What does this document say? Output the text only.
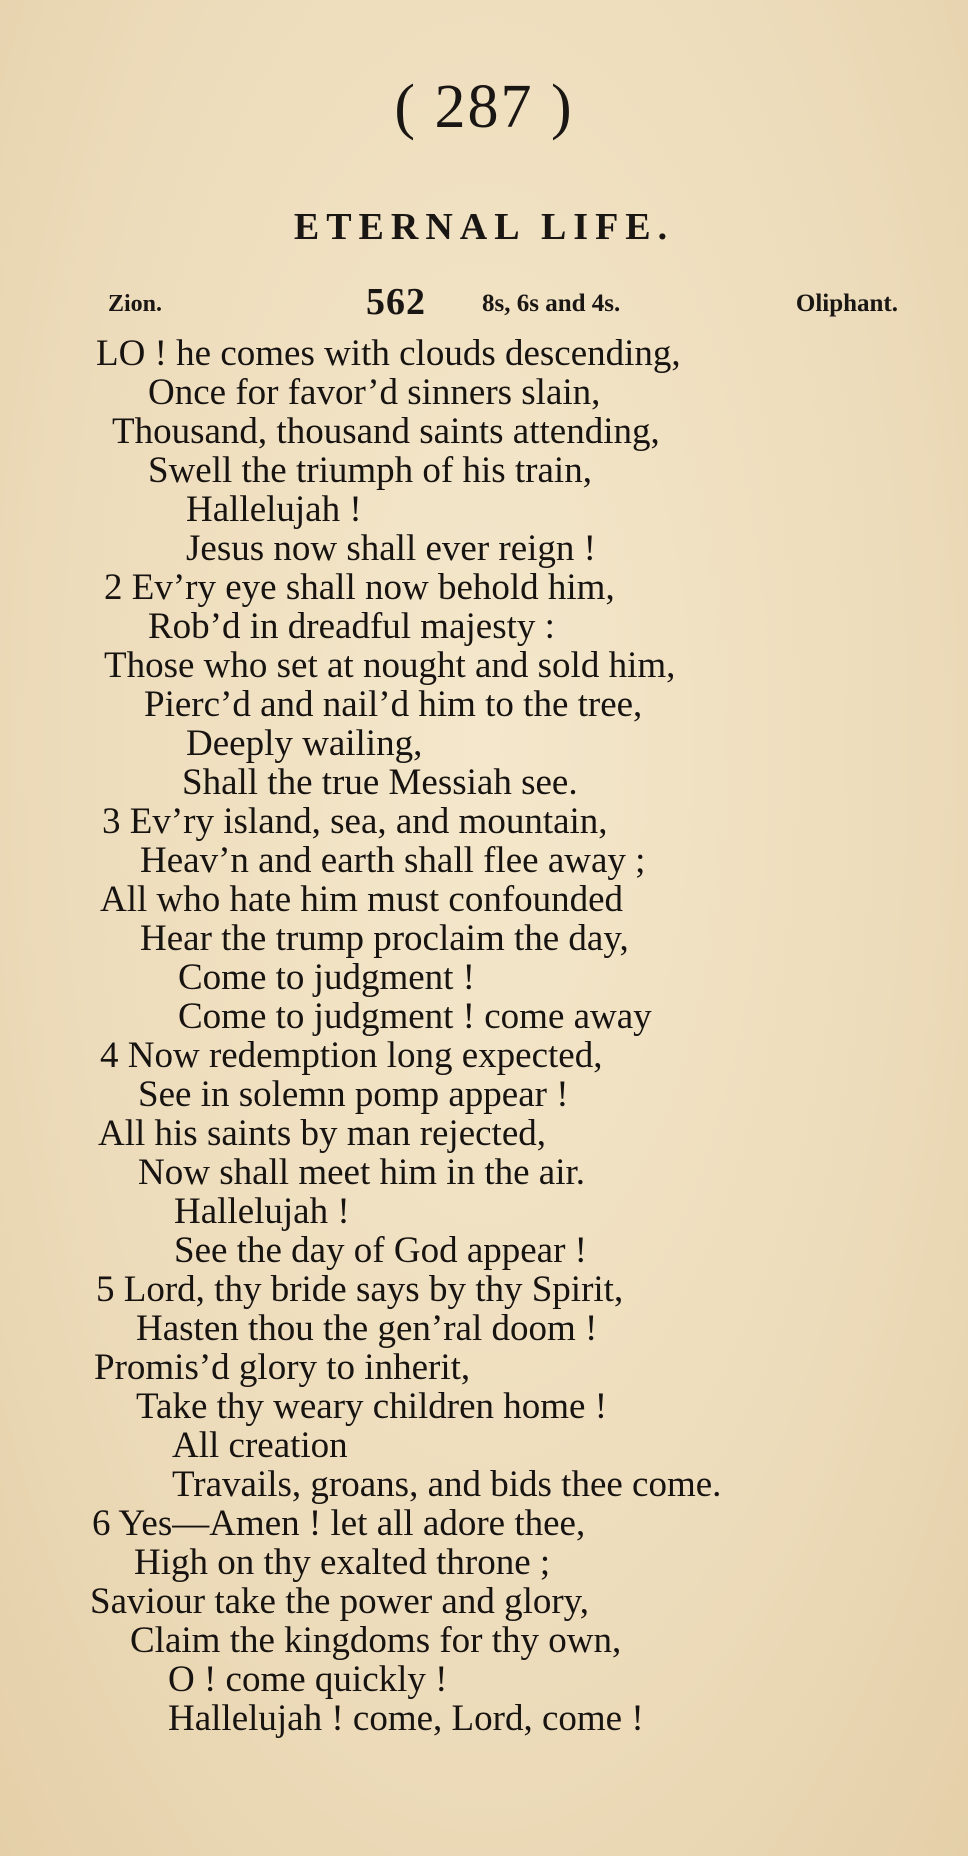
( 287 )
ETERNAL LIFE.
Zion.	562 8s, 6s and 4s.	Oliphant.
LO ! he comes with clouds descending,
Once for favor’d sinners slain,
Thousand, thousand saints attending,
Swell the triumph of his train,
Hallelujah !
Jesus now shall ever reign !
2 Ev’ry eye shall now behold him,
Rob’d in dreadful majesty :
Those who set at nought and sold him,
Pierc’d and nail’d him to the tree,
Deeply wailing,
Shall the true Messiah see.
3 Ev’ry island, sea, and mountain,
Heav’n and earth shall flee away ;
All who hate him must confounded
Hear the trump proclaim the day,
Come to judgment !
Come to judgment ! come away
4 Now redemption long expected,
See in solemn pomp appear !
All his saints by man rejected,
Now shall meet him in the air.
Hallelujah !
See the day of God appear !
5 Lord, thy bride says by thy Spirit,
Hasten thou the gen’ral doom !
Promis’d glory to inherit,
Take thy weary children home !
All creation
Travails, groans, and bids thee come.
6 Yes—Amen ! let all adore thee,
High on thy exalted throne ;
Saviour take the power and glory,
Claim the kingdoms for thy own,
O ! come quickly !
Hallelujah ! come, Lord, come !
